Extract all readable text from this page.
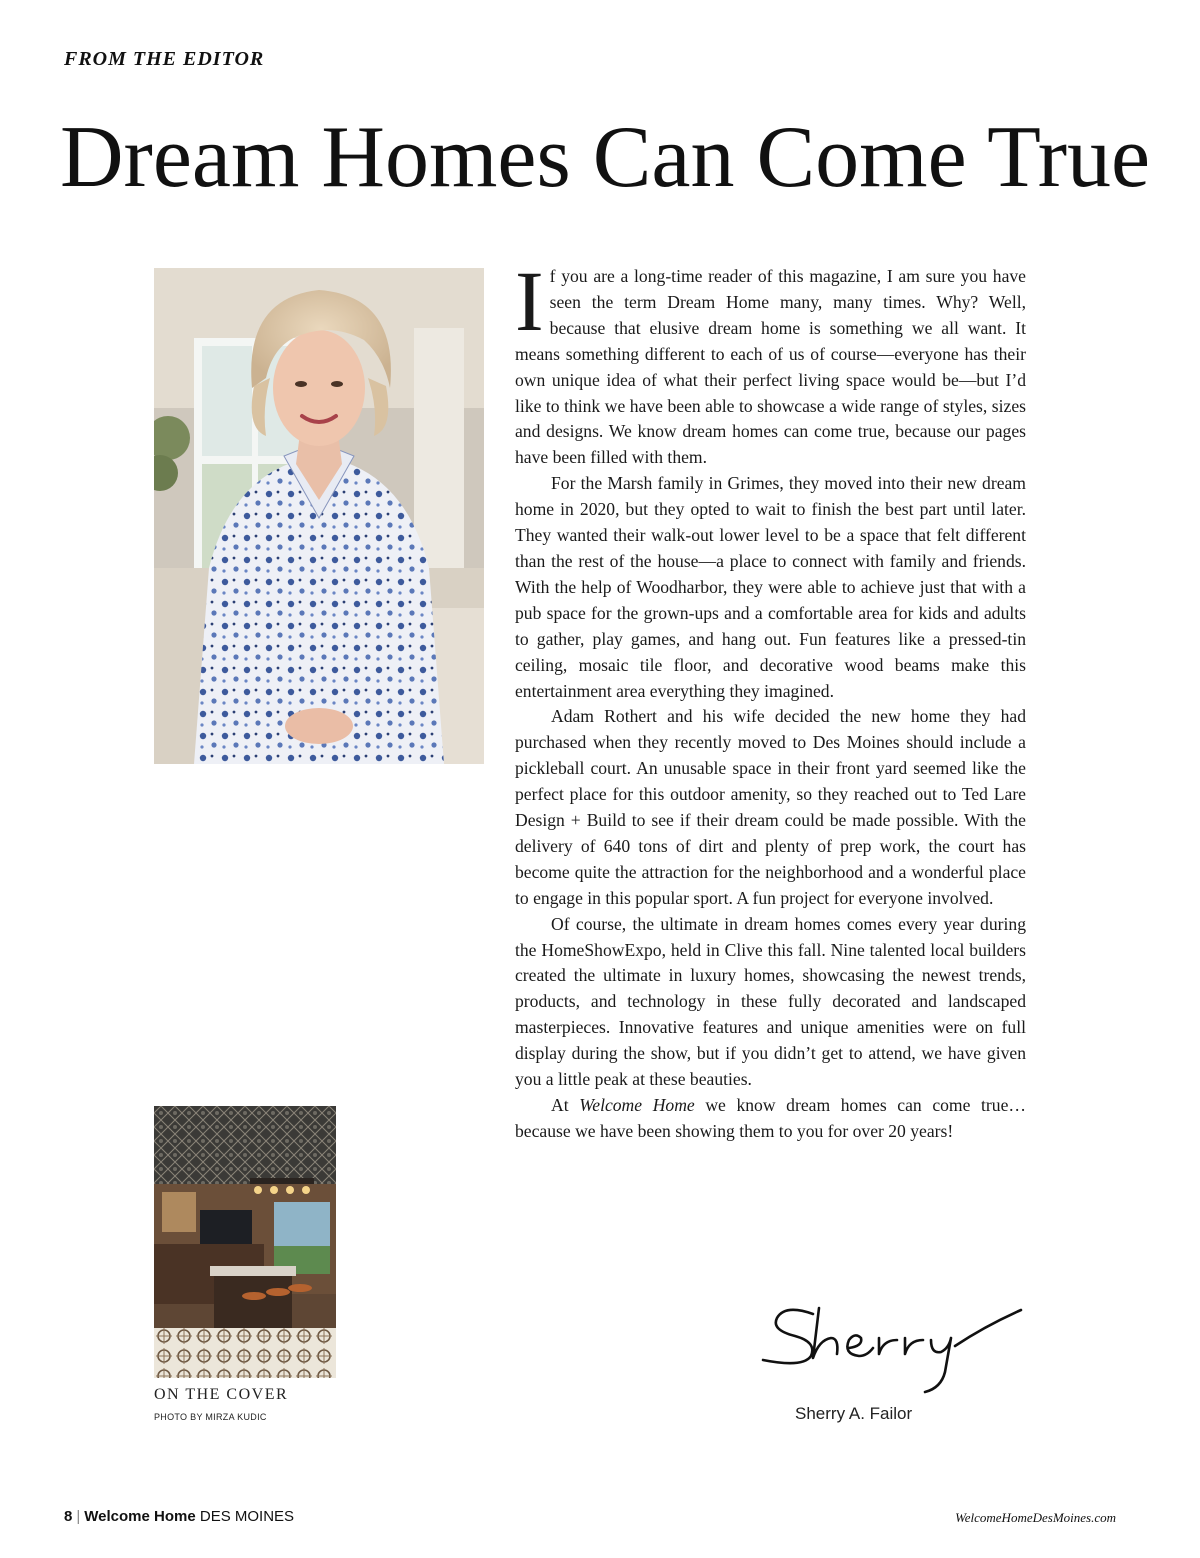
FROM THE EDITOR
Dream Homes Can Come True

If you are a long-time reader of this magazine, I am sure you have seen the term Dream Home many, many times. Why? Well, because that elusive dream home is something we all want. It means something different to each of us of course—everyone has their own unique idea of what their perfect living space would be—but I’d like to think we have been able to showcase a wide range of styles, sizes and designs. We know dream homes can come true, because our pages have been filled with them.

For the Marsh family in Grimes, they moved into their new dream home in 2020, but they opted to wait to finish the best part until later. They wanted their walk-out lower level to be a space that felt different than the rest of the house—a place to connect with family and friends. With the help of Woodharbor, they were able to achieve just that with a pub space for the grown-ups and a comfortable area for kids and adults to gather, play games, and hang out. Fun features like a pressed-tin ceiling, mosaic tile floor, and decorative wood beams make this entertainment area everything they imagined.

Adam Rothert and his wife decided the new home they had purchased when they recently moved to Des Moines should include a pickleball court. An unusable space in their front yard seemed like the perfect place for this outdoor amenity, so they reached out to Ted Lare Design + Build to see if their dream could be made possible. With the delivery of 640 tons of dirt and plenty of prep work, the court has become quite the attraction for the neighborhood and a wonderful place to engage in this popular sport. A fun project for everyone involved.

Of course, the ultimate in dream homes comes every year during the HomeShowExpo, held in Clive this fall. Nine talented local builders created the ultimate in luxury homes, showcasing the newest trends, products, and technology in these fully decorated and landscaped masterpieces. Innovative features and unique amenities were on full display during the show, but if you didn’t get to attend, we have given you a little peak at these beauties.

At Welcome Home we know dream homes can come true… because we have been showing them to you for over 20 years!

ON THE COVER
PHOTO BY MIRZA KUDIC	Sherry A. Failor
8 | Welcome Home DES MOINES	WelcomeHomeDesMoines.com
